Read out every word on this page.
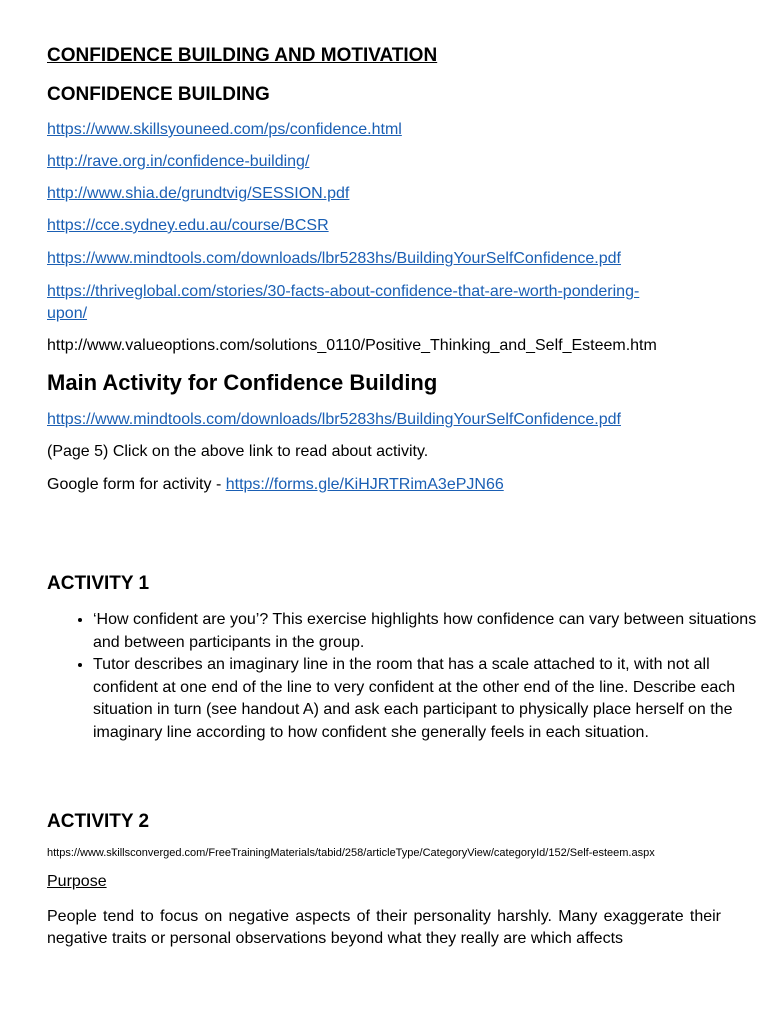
CONFIDENCE BUILDING AND MOTIVATION
CONFIDENCE BUILDING
https://www.skillsyouneed.com/ps/confidence.html
http://rave.org.in/confidence-building/
http://www.shia.de/grundtvig/SESSION.pdf
https://cce.sydney.edu.au/course/BCSR
https://www.mindtools.com/downloads/lbr5283hs/BuildingYourSelfConfidence.pdf
https://thriveglobal.com/stories/30-facts-about-confidence-that-are-worth-pondering-
upon/
http://www.valueoptions.com/solutions_0110/Positive_Thinking_and_Self_Esteem.htm
Main Activity for Confidence Building
https://www.mindtools.com/downloads/lbr5283hs/BuildingYourSelfConfidence.pdf
(Page 5) Click on the above link to read about activity.
Google form for activity - https://forms.gle/KiHJRTRimA3ePJN66
ACTIVITY 1
• ‘How confident are you’? This exercise highlights how confidence can vary between situations and between participants in the group.
• Tutor describes an imaginary line in the room that has a scale attached to it, with not all confident at one end of the line to very confident at the other end of the line. Describe each situation in turn (see handout A) and ask each participant to physically place herself on the imaginary line according to how confident she generally feels in each situation.
ACTIVITY 2
https://www.skillsconverged.com/FreeTrainingMaterials/tabid/258/articleType/CategoryView/categoryId/152/Self-esteem.aspx
Purpose

People tend to focus on negative aspects of their personality harshly. Many exaggerate their negative traits or personal observations beyond what they really are which affects
